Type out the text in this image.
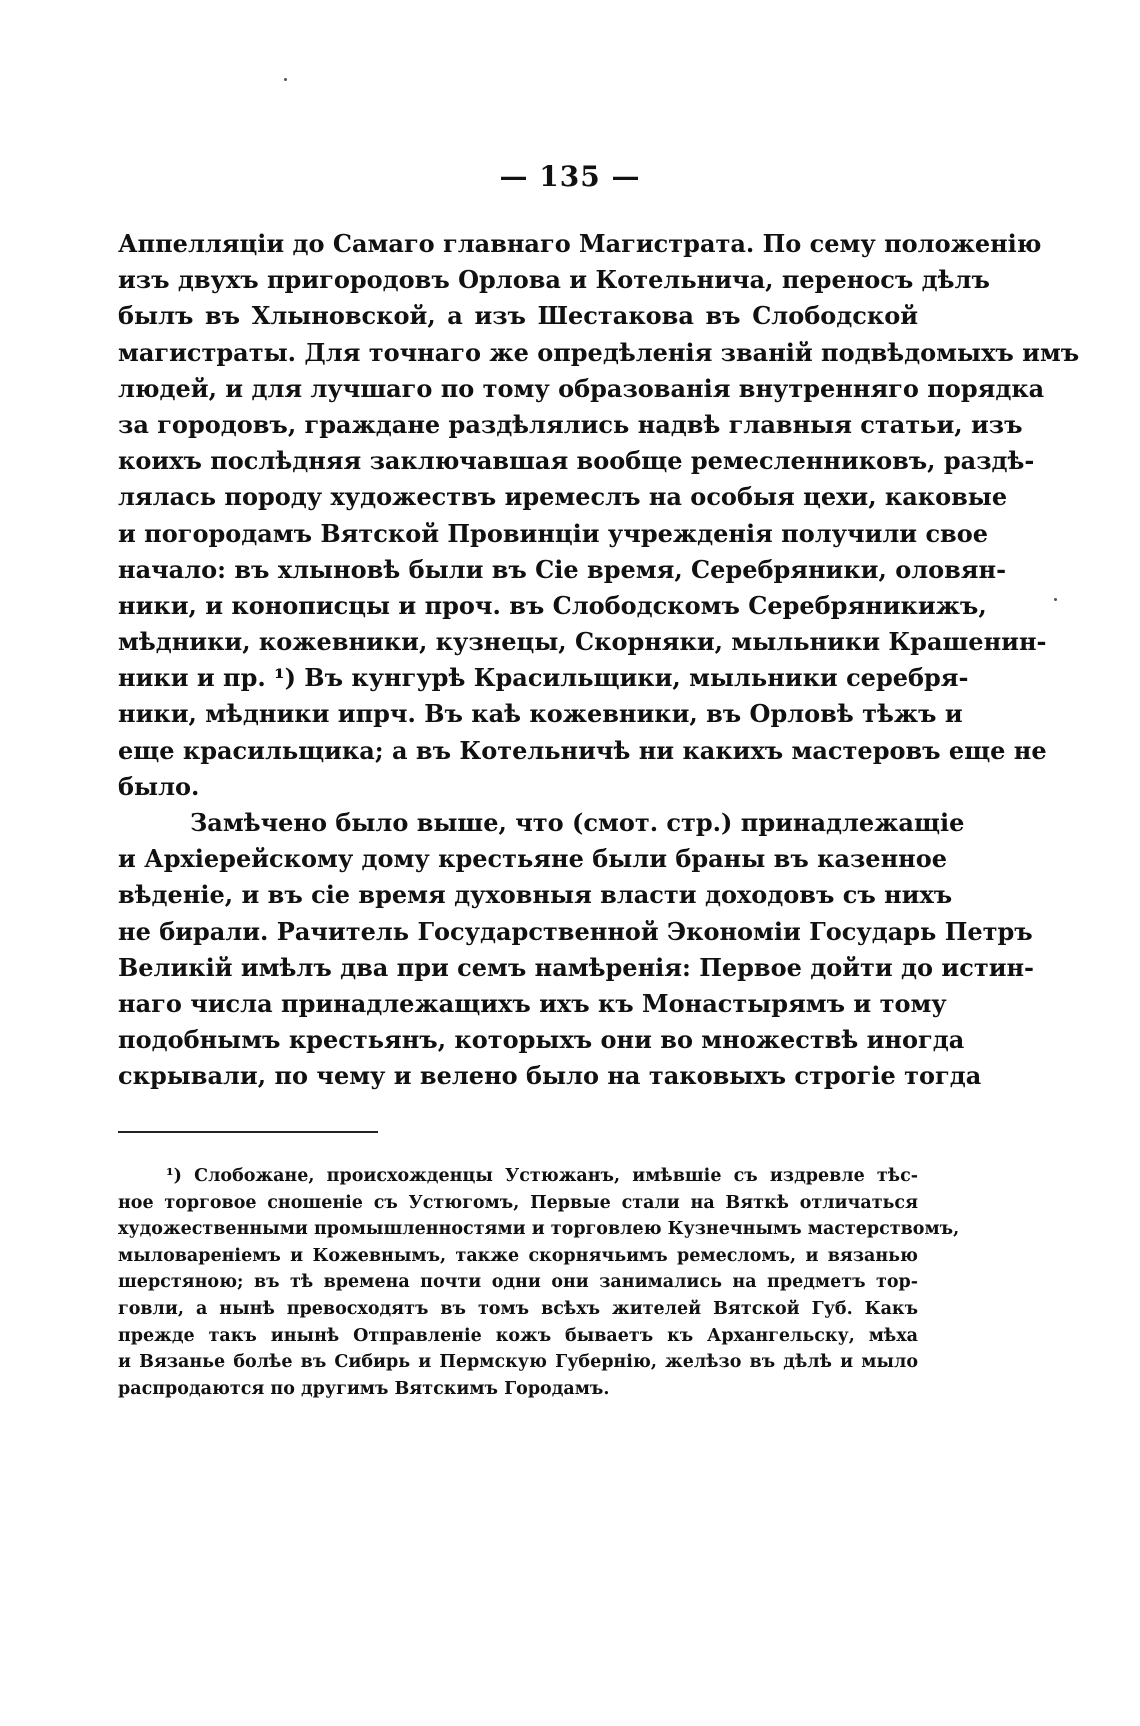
— 135 —
Аппелляціи до Самаго главнаго Магистрата. По сему положенію
изъ двухъ пригородовъ Орлова и Котельнича, переносъ дѣлъ
былъ въ Хлыновской, а изъ Шестакова въ Слободской
магистраты. Для точнаго же опредѣленія званій подвѣдомыхъ имъ
людей, и для лучшаго по тому образованія внутренняго порядка
за городовъ, граждане раздѣлялись надвѣ главныя статьи, изъ
коихъ послѣдняя заключавшая вообще ремесленниковъ, раздѣ-
лялась породу художествъ иремеслъ на особыя цехи, каковые
и погородамъ Вятской Провинціи учрежденія получили свое
начало: въ хлыновѣ были въ Сіе время, Серебряники, оловян-
ники, и конописцы и проч. въ Слободскомъ Серебряникижъ,
мѣдники, кожевники, кузнецы, Скорняки, мыльники Крашенин-
ники и пр. ¹) Въ кунгурѣ Красильщики, мыльники серебря-
ники, мѣдники ипрч. Въ каѣ кожевники, въ Орловѣ тѣжъ и
еще красильщика; а въ Котельничѣ ни какихъ мастеровъ еще не
было.
Замѣчено было выше, что (смот. стр.) принадлежащіе
и Архіерейскому дому крестьяне были браны въ казенное
вѣденіе, и въ сіе время духовныя власти доходовъ съ нихъ
не бирали. Рачитель Государственной Экономіи Государь Петръ
Великій имѣлъ два при семъ намѣренія: Первое дойти до истин-
наго числа принадлежащихъ ихъ къ Монастырямъ и тому
подобнымъ крестьянъ, которыхъ они во множествѣ иногда
скрывали, по чему и велено было на таковыхъ строгіе тогда
¹) Слобожане, происхожденцы Устюжанъ, имѣвшіе съ издревле тѣс-
ное торговое сношеніе съ Устюгомъ, Первые стали на Вяткѣ отличаться
художественными промышленностями и торговлею Кузнечнымъ мастерствомъ,
мыловареніемъ и Кожевнымъ, также скорнячьимъ ремесломъ, и вязанью
шерстяною; въ тѣ времена почти одни они занимались на предметъ тор-
говли, а нынѣ превосходятъ въ томъ всѣхъ жителей Вятской Губ. Какъ
прежде такъ инынѣ Отправленіе кожъ бываетъ къ Архангельску, мѣха
и Вязанье болѣе въ Сибирь и Пермскую Губернію, желѣзо въ дѣлѣ и мыло
распродаются по другимъ Вятскимъ Городамъ.
